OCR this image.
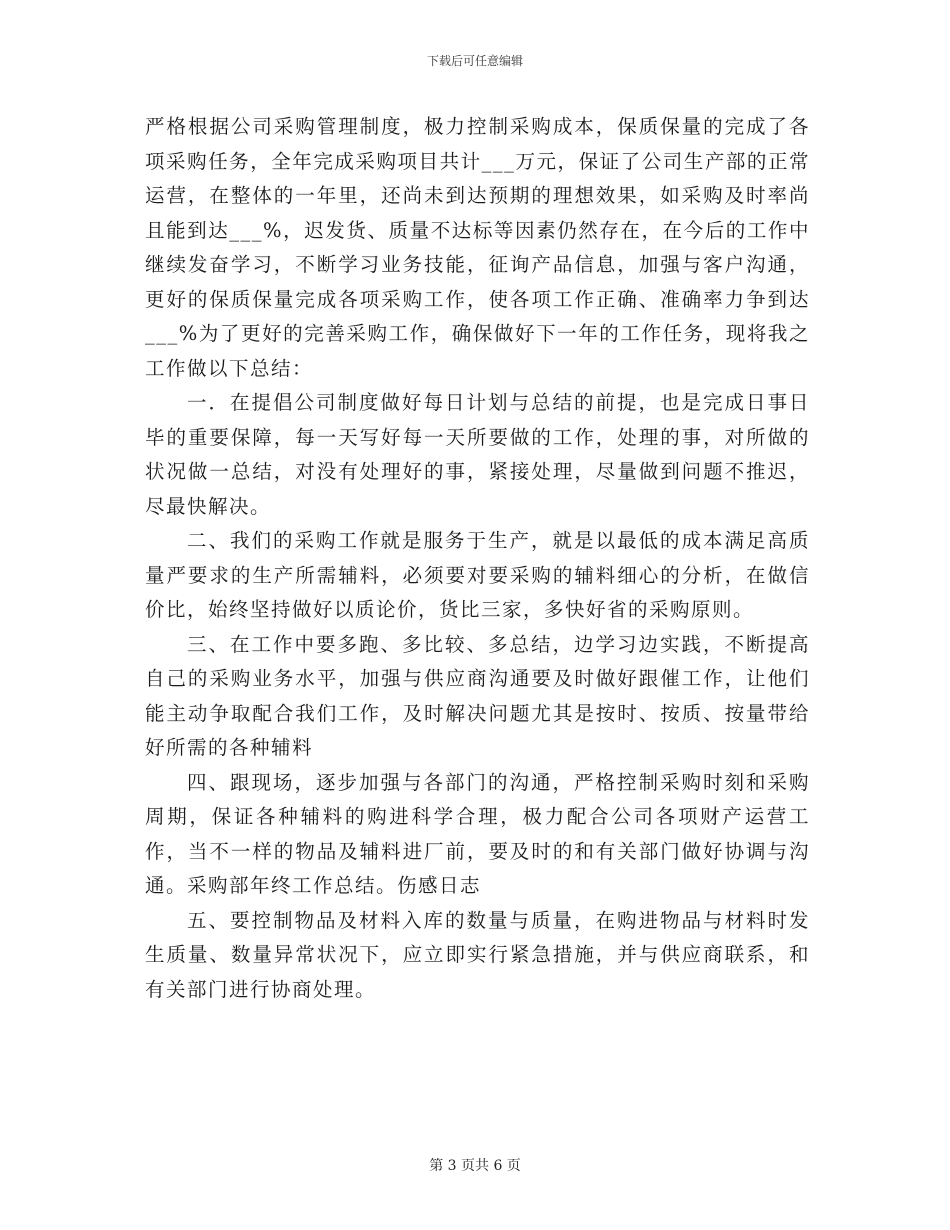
下载后可任意编辑

严格根据公司采购管理制度，极力控制采购成本，保质保量的完成了各项采购任务，全年完成采购项目共计___万元，保证了公司生产部的正常运营，在整体的一年里，还尚未到达预期的理想效果，如采购及时率尚且能到达___%，迟发货、质量不达标等因素仍然存在，在今后的工作中继续发奋学习，不断学习业务技能，征询产品信息，加强与客户沟通，更好的保质保量完成各项采购工作，使各项工作正确、准确率力争到达___%为了更好的完善采购工作，确保做好下一年的工作任务，现将我之工作做以下总结：

一．在提倡公司制度做好每日计划与总结的前提，也是完成日事日毕的重要保障，每一天写好每一天所要做的工作，处理的事，对所做的状况做一总结，对没有处理好的事，紧接处理，尽量做到问题不推迟，尽最快解决。

二、我们的采购工作就是服务于生产，就是以最低的成本满足高质量严要求的生产所需辅料，必须要对要采购的辅料细心的分析，在做信价比，始终坚持做好以质论价，货比三家，多快好省的采购原则。

三、在工作中要多跑、多比较、多总结，边学习边实践，不断提高自己的采购业务水平，加强与供应商沟通要及时做好跟催工作，让他们能主动争取配合我们工作，及时解决问题尤其是按时、按质、按量带给好所需的各种辅料

四、跟现场，逐步加强与各部门的沟通，严格控制采购时刻和采购周期，保证各种辅料的购进科学合理，极力配合公司各项财产运营工作，当不一样的物品及辅料进厂前，要及时的和有关部门做好协调与沟通。采购部年终工作总结。伤感日志

五、要控制物品及材料入库的数量与质量，在购进物品与材料时发生质量、数量异常状况下，应立即实行紧急措施，并与供应商联系，和有关部门进行协商处理。

第 3 页共 6 页
